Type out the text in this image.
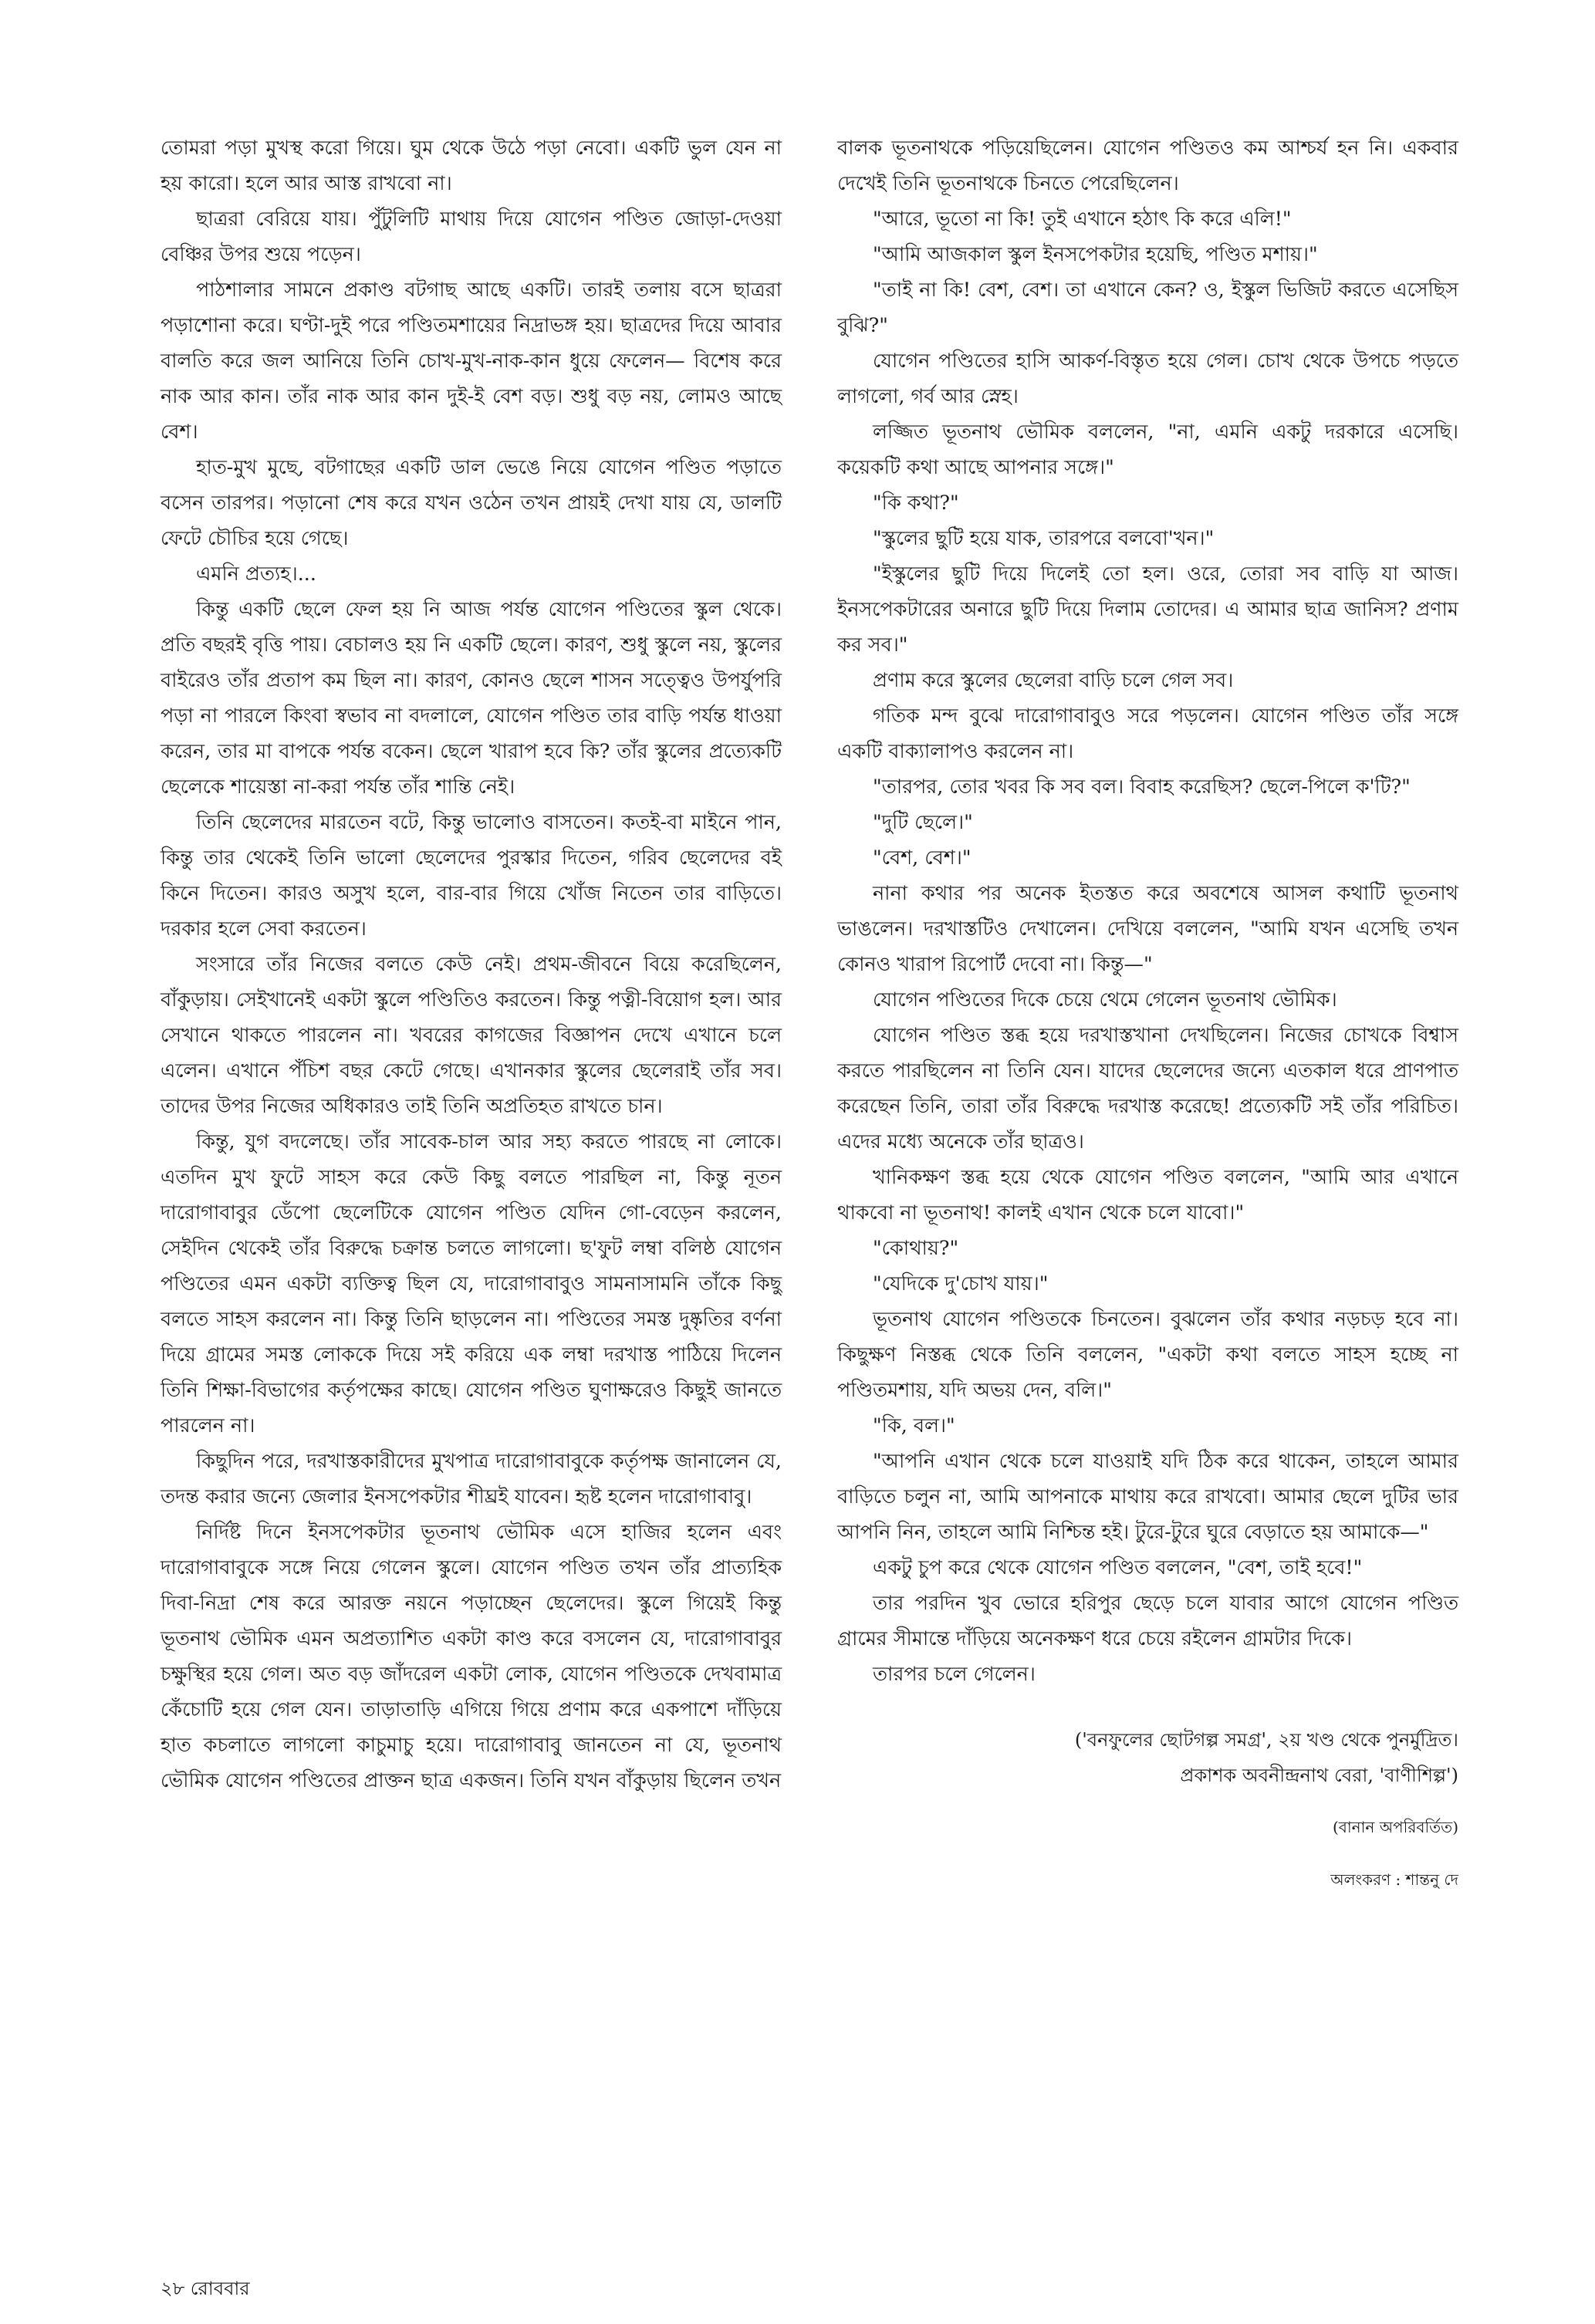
তোমরা পড়া মুখস্থ করো গিয়ে। ঘুম থেকে উঠে পড়া নেবো। একটি ভুল যেন না হয় কারো। হলে আর আস্ত রাখবো না।

ছাত্ররা বেরিয়ে যায়। পুঁটুলিটি মাথায় দিয়ে যোগেন পণ্ডিত জোড়া-দেওয়া বেঞ্চির উপর শুয়ে পড়েন।

পাঠশালার সামনে প্রকাণ্ড বটগাছ আছে একটি। তারই তলায় বসে ছাত্ররা পড়াশোনা করে। ঘণ্টা-দুই পরে পণ্ডিতমশায়ের নিদ্রাভঙ্গ হয়। ছাত্রদের দিয়ে আবার বালতি করে জল আনিয়ে তিনি চোখ-মুখ-নাক-কান ধুয়ে ফেলেন— বিশেষ করে নাক আর কান। তাঁর নাক আর কান দুই-ই বেশ বড়। শুধু বড় নয়, লোমও আছে বেশ।

হাত-মুখ মুছে, বটগাছের একটি ডাল ভেঙে নিয়ে যোগেন পণ্ডিত পড়াতে বসেন তারপর। পড়ানো শেষ করে যখন ওঠেন তখন প্রায়ই দেখা যায় যে, ডালটি ফেটে চৌচির হয়ে গেছে।

এমনি প্রত্যহ।...

কিন্তু একটি ছেলে ফেল হয় নি আজ পর্যন্ত যোগেন পণ্ডিতের স্কুল থেকে। প্রতি বছরই বৃত্তি পায়। বেচালও হয় নি একটি ছেলে। কারণ, শুধু স্কুলে নয়, স্কুলের বাইরেও তাঁর প্রতাপ কম ছিল না। কারণ, কোনও ছেলে শাসন সত্ত্বেও উপর্যুপরি পড়া না পারলে কিংবা স্বভাব না বদলালে, যোগেন পণ্ডিত তার বাড়ি পর্যন্ত ধাওয়া করেন, তার মা বাপকে পর্যন্ত বকেন। ছেলে খারাপ হবে কি? তাঁর স্কুলের প্রত্যেকটি ছেলেকে শায়েস্তা না-করা পর্যন্ত তাঁর শান্তি নেই।

তিনি ছেলেদের মারতেন বটে, কিন্তু ভালোও বাসতেন। কতই-বা মাইনে পান, কিন্তু তার থেকেই তিনি ভালো ছেলেদের পুরস্কার দিতেন, গরিব ছেলেদের বই কিনে দিতেন। কারও অসুখ হলে, বার-বার গিয়ে খোঁজ নিতেন তার বাড়িতে। দরকার হলে সেবা করতেন।

সংসারে তাঁর নিজের বলতে কেউ নেই। প্রথম-জীবনে বিয়ে করেছিলেন, বাঁকুড়ায়। সেইখানেই একটা স্কুলে পণ্ডিতিও করতেন। কিন্তু পত্নী-বিয়োগ হল। আর সেখানে থাকতে পারলেন না। খবরের কাগজের বিজ্ঞাপন দেখে এখানে চলে এলেন। এখানে পঁচিশ বছর কেটে গেছে। এখানকার স্কুলের ছেলেরাই তাঁর সব। তাদের উপর নিজের অধিকারও তাই তিনি অপ্রতিহত রাখতে চান।

কিন্তু, যুগ বদলেছে। তাঁর সাবেক-চাল আর সহ্য করতে পারছে না লোকে। এতদিন মুখ ফুটে সাহস করে কেউ কিছু বলতে পারছিল না, কিন্তু নূতন দারোগাবাবুর ডেঁপো ছেলেটিকে যোগেন পণ্ডিত যেদিন গো-বেড়েন করলেন, সেইদিন থেকেই তাঁর বিরুদ্ধে চক্রান্ত চলতে লাগলো। ছ'ফুট লম্বা বলিষ্ঠ যোগেন পণ্ডিতের এমন একটা ব্যক্তিত্ব ছিল যে, দারোগাবাবুও সামনাসামনি তাঁকে কিছু বলতে সাহস করলেন না। কিন্তু তিনি ছাড়লেন না। পণ্ডিতের সমস্ত দুষ্কৃতির বর্ণনা দিয়ে গ্রামের সমস্ত লোককে দিয়ে সই করিয়ে এক লম্বা দরখাস্ত পাঠিয়ে দিলেন তিনি শিক্ষা-বিভাগের কর্তৃপক্ষের কাছে। যোগেন পণ্ডিত ঘুণাক্ষরেও কিছুই জানতে পারলেন না।

কিছুদিন পরে, দরখাস্তকারীদের মুখপাত্র দারোগাবাবুকে কর্তৃপক্ষ জানালেন যে, তদন্ত করার জন্যে জেলার ইনসপেকটার শীঘ্রই যাবেন। হৃষ্ট হলেন দারোগাবাবু।

নির্দিষ্ট দিনে ইনসপেকটার ভূতনাথ ভৌমিক এসে হাজির হলেন এবং দারোগাবাবুকে সঙ্গে নিয়ে গেলেন স্কুলে। যোগেন পণ্ডিত তখন তাঁর প্রাত্যহিক দিবা-নিদ্রা শেষ করে আরক্ত নয়নে পড়াচ্ছেন ছেলেদের। স্কুলে গিয়েই কিন্তু ভূতনাথ ভৌমিক এমন অপ্রত্যাশিত একটা কাণ্ড করে বসলেন যে, দারোগাবাবুর চক্ষুস্থির হয়ে গেল। অত বড় জাঁদরেল একটা লোক, যোগেন পণ্ডিতকে দেখবামাত্র কেঁচোটি হয়ে গেল যেন। তাড়াতাড়ি এগিয়ে গিয়ে প্রণাম করে একপাশে দাঁড়িয়ে হাত কচলাতে লাগলো কাচুমাচু হয়ে। দারোগাবাবু জানতেন না যে, ভূতনাথ ভৌমিক যোগেন পণ্ডিতের প্রাক্তন ছাত্র একজন। তিনি যখন বাঁকুড়ায় ছিলেন তখন

বালক ভূতনাথকে পড়িয়েছিলেন। যোগেন পণ্ডিতও কম আশ্চর্য হন নি। একবার দেখেই তিনি ভূতনাথকে চিনতে পেরেছিলেন।

"আরে, ভূতো না কি! তুই এখানে হঠাৎ কি করে এলি!"

"আমি আজকাল স্কুল ইনসপেকটার হয়েছি, পণ্ডিত মশায়।"

"তাই না কি! বেশ, বেশ। তা এখানে কেন? ও, ইস্কুল ভিজিট করতে এসেছিস বুঝি?"

যোগেন পণ্ডিতের হাসি আকর্ণ-বিস্তৃত হয়ে গেল। চোখ থেকে উপচে পড়তে লাগলো, গর্ব আর স্নেহ।

লজ্জিত ভূতনাথ ভৌমিক বললেন, "না, এমনি একটু দরকারে এসেছি। কয়েকটি কথা আছে আপনার সঙ্গে।"

"কি কথা?"

"স্কুলের ছুটি হয়ে যাক, তারপরে বলবো'খন।"

"ইস্কুলের ছুটি দিয়ে দিলেই তো হল। ওরে, তোরা সব বাড়ি যা আজ। ইনসপেকটারের অনারে ছুটি দিয়ে দিলাম তোদের। এ আমার ছাত্র জানিস? প্রণাম কর সব।"

প্রণাম করে স্কুলের ছেলেরা বাড়ি চলে গেল সব।

গতিক মন্দ বুঝে দারোগাবাবুও সরে পড়লেন। যোগেন পণ্ডিত তাঁর সঙ্গে একটি বাক্যালাপও করলেন না।

"তারপর, তোর খবর কি সব বল। বিবাহ করেছিস? ছেলে-পিলে ক'টি?"

"দুটি ছেলে।"

"বেশ, বেশ।"

নানা কথার পর অনেক ইতস্তত করে অবশেষে আসল কথাটি ভূতনাথ ভাঙলেন। দরখাস্তটিও দেখালেন। দেখিয়ে বললেন, "আমি যখন এসেছি তখন কোনও খারাপ রিপোর্ট দেবো না। কিন্তু—"

যোগেন পণ্ডিতের দিকে চেয়ে থেমে গেলেন ভূতনাথ ভৌমিক।

যোগেন পণ্ডিত স্তব্ধ হয়ে দরখাস্তখানা দেখছিলেন। নিজের চোখকে বিশ্বাস করতে পারছিলেন না তিনি যেন। যাদের ছেলেদের জন্যে এতকাল ধরে প্রাণপাত করেছেন তিনি, তারা তাঁর বিরুদ্ধে দরখাস্ত করেছে! প্রত্যেকটি সই তাঁর পরিচিত। এদের মধ্যে অনেকে তাঁর ছাত্রও।

খানিকক্ষণ স্তব্ধ হয়ে থেকে যোগেন পণ্ডিত বললেন, "আমি আর এখানে থাকবো না ভূতনাথ! কালই এখান থেকে চলে যাবো।"

"কোথায়?"

"যেদিকে দু'চোখ যায়।"

ভূতনাথ যোগেন পণ্ডিতকে চিনতেন। বুঝলেন তাঁর কথার নড়চড় হবে না। কিছুক্ষণ নিস্তব্ধ থেকে তিনি বললেন, "একটা কথা বলতে সাহস হচ্ছে না পণ্ডিতমশায়, যদি অভয় দেন, বলি।"

"কি, বল।"

"আপনি এখান থেকে চলে যাওয়াই যদি ঠিক করে থাকেন, তাহলে আমার বাড়িতে চলুন না, আমি আপনাকে মাথায় করে রাখবো। আমার ছেলে দুটির ভার আপনি নিন, তাহলে আমি নিশ্চিন্ত হই। টুরে-টুরে ঘুরে বেড়াতে হয় আমাকে—"

একটু চুপ করে থেকে যোগেন পণ্ডিত বললেন, "বেশ, তাই হবে!"

তার পরদিন খুব ভোরে হরিপুর ছেড়ে চলে যাবার আগে যোগেন পণ্ডিত গ্রামের সীমান্তে দাঁড়িয়ে অনেকক্ষণ ধরে চেয়ে রইলেন গ্রামটার দিকে।

তারপর চলে গেলেন।

('বনফুলের ছোটগল্প সমগ্র', ২য় খণ্ড থেকে পুনর্মুদ্রিত।
প্রকাশক অবনীন্দ্রনাথ বেরা, 'বাণীশিল্প')
(বানান অপরিবর্তিত)
অলংকরণ : শান্তনু দে
২৮ রোববার
